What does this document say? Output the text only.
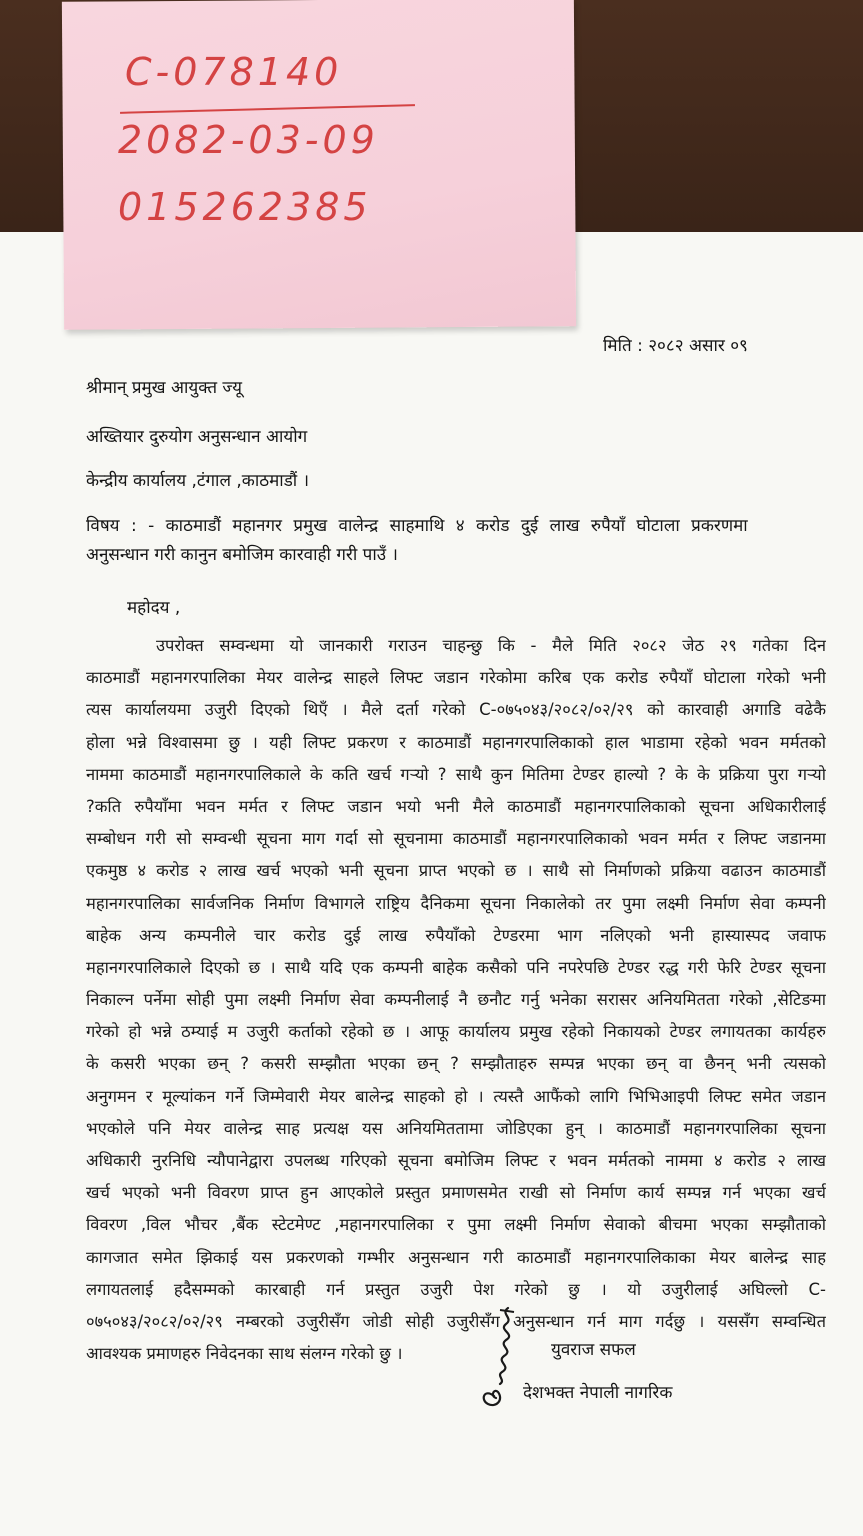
C-078140
2082-03-09
015262385
मिति : २०८२ असार ०९
श्रीमान् प्रमुख आयुक्त ज्यू
अख्तियार दुरुयोग अनुसन्धान आयोग
केन्द्रीय कार्यालय ,टंगाल ,काठमाडौं ।
विषय : - काठमाडौं महानगर प्रमुख वालेन्द्र साहमाथि ४ करोड दुई लाख रुपैयाँ घोटाला प्रकरणमा
अनुसन्धान गरी कानुन बमोजिम कारवाही गरी पाउँ ।
महोदय ,
उपरोक्त सम्वन्धमा यो जानकारी गराउन चाहन्छु कि - मैले मिति २०८२ जेठ २९ गतेका दिन
काठमाडौं महानगरपालिका मेयर वालेन्द्र साहले लिफ्ट जडान गरेकोमा करिब एक करोड रुपैयाँ घोटाला गरेको भनी
त्यस कार्यालयमा उजुरी दिएको थिएँ । मैले दर्ता गरेको C-०७५०४३/२०८२/०२/२९ को कारवाही अगाडि वढेकै
होला भन्ने विश्वासमा छु । यही लिफ्ट प्रकरण र काठमाडौं महानगरपालिकाको हाल भाडामा रहेको भवन मर्मतको
नाममा काठमाडौं महानगरपालिकाले के कति खर्च गर्‍यो ? साथै कुन मितिमा टेण्डर हाल्यो ? के के प्रक्रिया पुरा गर्‍यो
?कति रुपैयाँमा भवन मर्मत र लिफ्ट जडान भयो भनी मैले काठमाडौं महानगरपालिकाको सूचना अधिकारीलाई
सम्बोधन गरी सो सम्वन्धी सूचना माग गर्दा सो सूचनामा काठमाडौं महानगरपालिकाको भवन मर्मत र लिफ्ट जडानमा
एकमुष्ठ ४ करोड २ लाख खर्च भएको भनी सूचना प्राप्त भएको छ । साथै सो निर्माणको प्रक्रिया वढाउन काठमाडौं
महानगरपालिका सार्वजनिक निर्माण विभागले राष्ट्रिय दैनिकमा सूचना निकालेको तर पुमा लक्ष्मी निर्माण सेवा कम्पनी
बाहेक अन्य कम्पनीले चार करोड दुई लाख रुपैयाँको टेण्डरमा भाग नलिएको भनी हास्यास्पद जवाफ
महानगरपालिकाले दिएको छ । साथै यदि एक कम्पनी बाहेक कसैको पनि नपरेपछि टेण्डर रद्ध गरी फेरि टेण्डर सूचना
निकाल्न पर्नेमा सोही पुमा लक्ष्मी निर्माण सेवा कम्पनीलाई नै छनौट गर्नु भनेका सरासर अनियमितता गरेको ,सेटिङमा
गरेको हो भन्ने ठम्याई म उजुरी कर्ताको रहेको छ । आफू कार्यालय प्रमुख रहेको निकायको टेण्डर लगायतका कार्यहरु
के कसरी भएका छन् ? कसरी सम्झौता भएका छन् ? सम्झौताहरु सम्पन्न भएका छन् वा छैनन् भनी त्यसको
अनुगमन र मूल्यांकन गर्ने जिम्मेवारी मेयर बालेन्द्र साहको हो । त्यस्तै आफैंको लागि भिभिआइपी लिफ्ट समेत जडान
भएकोले पनि मेयर वालेन्द्र साह प्रत्यक्ष यस अनियमिततामा जोडिएका हुन् । काठमाडौं महानगरपालिका सूचना
अधिकारी नुरनिधि न्यौपानेद्वारा उपलब्ध गरिएको सूचना बमोजिम लिफ्ट र भवन मर्मतको नाममा ४ करोड २ लाख
खर्च भएको भनी विवरण प्राप्त हुन आएकोले प्रस्तुत प्रमाणसमेत राखी सो निर्माण कार्य सम्पन्न गर्न भएका खर्च
विवरण ,विल भौचर ,बैंक स्टेटमेण्ट ,महानगरपालिका र पुमा लक्ष्मी निर्माण सेवाको बीचमा भएका सम्झौताको
कागजात समेत झिकाई यस प्रकरणको गम्भीर अनुसन्धान गरी काठमाडौं महानगरपालिकाका मेयर बालेन्द्र साह
लगायतलाई हदैसम्मको कारबाही गर्न प्रस्तुत उजुरी पेश गरेको छु । यो उजुरीलाई अघिल्लो C-
०७५०४३/२०८२/०२/२९ नम्बरको उजुरीसँग जोडी सोही उजुरीसँग अनुसन्धान गर्न माग गर्दछु । यससँग सम्वन्धित
आवश्यक प्रमाणहरु निवेदनका साथ संलग्न गरेको छु ।	युवराज सफल
देशभक्त नेपाली नागरिक
